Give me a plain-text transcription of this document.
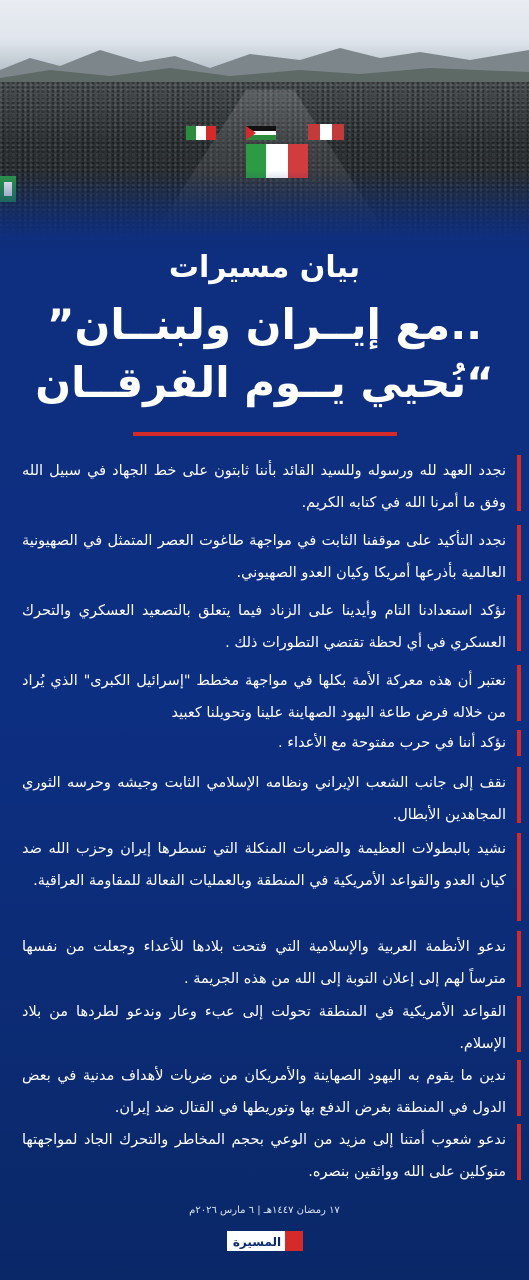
بيان مسيرات
”مع إيــران ولبنــان..
نُحيي يــوم الفرقــان“
نجدد العهد لله ورسوله وللسيد القائد بأننا ثابتون على خط الجهاد في سبيل الله وفق ما أمرنا الله في كتابه الكريم.
نجدد التأكيد على موقفنا الثابت في مواجهة طاغوت العصر المتمثل في الصهيونية العالمية بأذرعها أمريكا وكيان العدو الصهيوني.
نؤكد استعدادنا التام وأيدينا على الزناد فيما يتعلق بالتصعيد العسكري والتحرك العسكري في أي لحظة تقتضي التطورات ذلك .
نعتبر أن هذه معركة الأمة بكلها في مواجهة مخطط "إسرائيل الكبرى" الذي يُراد من خلاله فرض طاعة اليهود الصهاينة علينا وتحويلنا كعبيد
نؤكد أننا في حرب مفتوحة مع الأعداء .
نقف إلى جانب الشعب الإيراني ونظامه الإسلامي الثابت وجيشه وحرسه الثوري المجاهدين الأبطال.
نشيد بالبطولات العظيمة والضربات المنكلة التي تسطرها إيران وحزب الله ضد كيان العدو والقواعد الأمريكية في المنطقة وبالعمليات الفعالة للمقاومة العراقية.
ندعو الأنظمة العربية والإسلامية التي فتحت بلادها للأعداء وجعلت من نفسها مترساً لهم إلى إعلان التوبة إلى الله من هذه الجريمة .
القواعد الأمريكية في المنطقة تحولت إلى عبء وعار وندعو لطردها من بلاد الإسلام.
ندين ما يقوم به اليهود الصهاينة والأمريكان من ضربات لأهداف مدنية في بعض الدول في المنطقة بغرض الدفع بها وتوريطها في القتال ضد إيران.
ندعو شعوب أمتنا إلى مزيد من الوعي بحجم المخاطر والتحرك الجاد لمواجهتها متوكلين على الله وواثقين بنصره.
١٧ رمضان ١٤٤٧هـ | ٦ مارس ٢٠٢٦م
المسيرة
